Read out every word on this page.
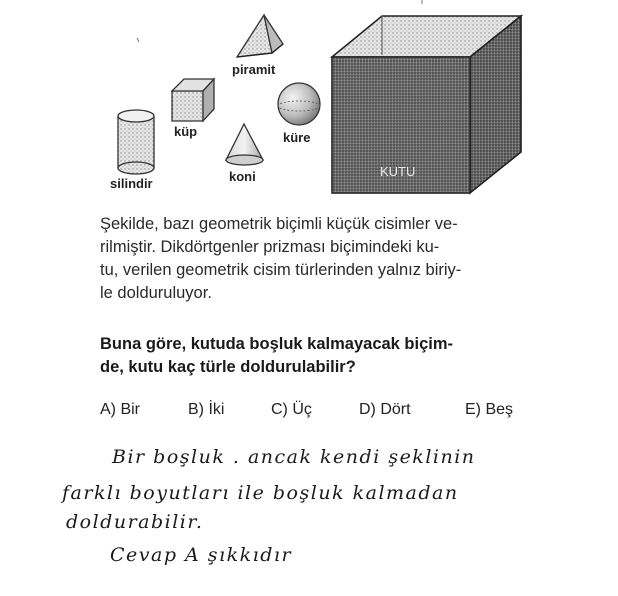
piramit
küp	küre
silindir	koni	KUTU
Şekilde, bazı geometrik biçimli küçük cisimler ve-
rilmiştir. Dikdörtgenler prizması biçimindeki ku-
tu, verilen geometrik cisim türlerinden yalnız biriy-
le dolduruluyor.
Buna göre, kutuda boşluk kalmayacak biçim-
de, kutu kaç türle doldurulabilir?
A) Bir	B) İki	C) Üç	D) Dört	E) Beş
Bir boşluk . ancak kendi şeklinin
farklı boyutları ile boşluk kalmadan
doldurabilir.
Cevap A şıkkıdır
